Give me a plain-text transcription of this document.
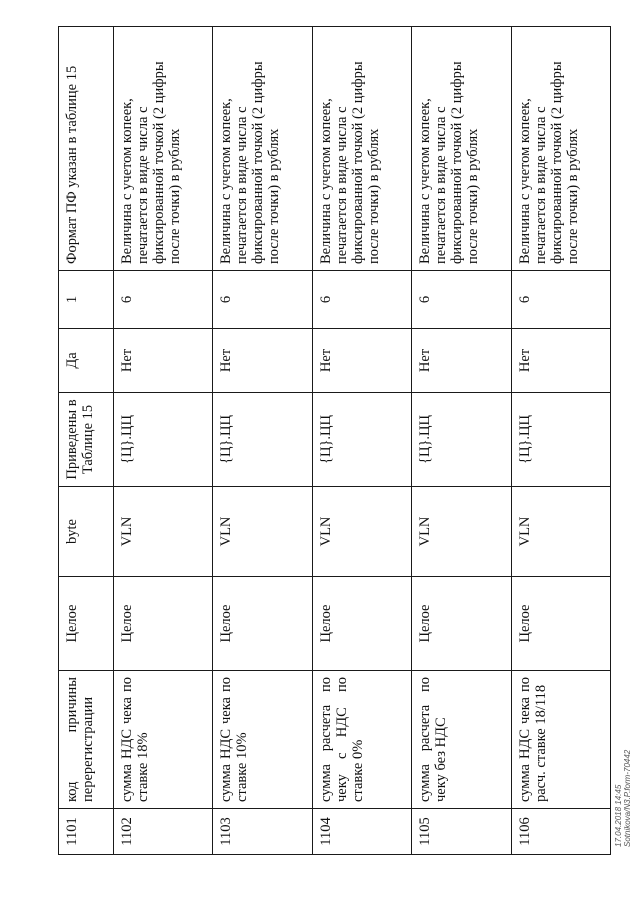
1101	код причины перерегистрации	Целое	byte	Приведены в Таблице 15	Да	1	Формат ПФ указан в таблице 15
1102	сумма НДС чека по ставке 18%	Целое	VLN	{Ц}.ЦЦ	Нет	6	Величина с учетом копеек, печатается в виде числа с фиксированной точкой (2 цифры после точки) в рублях
1103	сумма НДС чека по ставке 10%	Целое	VLN	{Ц}.ЦЦ	Нет	6	Величина с учетом копеек, печатается в виде числа с фиксированной точкой (2 цифры после точки) в рублях
1104	сумма расчета по чеку с НДС по ставке 0%	Целое	VLN	{Ц}.ЦЦ	Нет	6	Величина с учетом копеек, печатается в виде числа с фиксированной точкой (2 цифры после точки) в рублях
1105	сумма расчета по чеку без НДС	Целое	VLN	{Ц}.ЦЦ	Нет	6	Величина с учетом копеек, печатается в виде числа с фиксированной точкой (2 цифры после точки) в рублях
1106	сумма НДС чека по расч. ставке 18/118	Целое	VLN	{Ц}.ЦЦ	Нет	6	Величина с учетом копеек, печатается в виде числа с фиксированной точкой (2 цифры после точки) в рублях
17.04.2018 14:45 Sotnikova/N3.P.form-70442
